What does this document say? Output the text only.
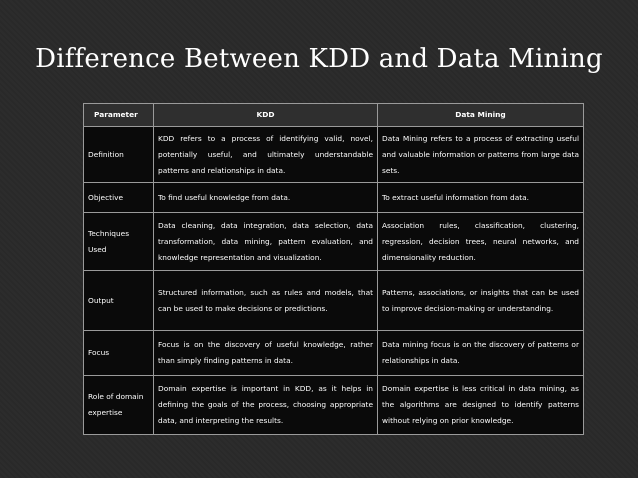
Difference Between KDD and Data Mining
Parameter	KDD	Data Mining
Definition	KDD refers to a process of identifying valid, novel, potentially useful, and ultimately understandable patterns and relationships in data.	Data Mining refers to a process of extracting useful and valuable information or patterns from large data sets.
Objective	To find useful knowledge from data.	To extract useful information from data.
Techniques Used	Data cleaning, data integration, data selection, data transformation, data mining, pattern evaluation, and knowledge representation and visualization.	Association rules, classification, clustering, regression, decision trees, neural networks, and dimensionality reduction.
Output	Structured information, such as rules and models, that can be used to make decisions or predictions.	Patterns, associations, or insights that can be used to improve decision-making or understanding.
Focus	Focus is on the discovery of useful knowledge, rather than simply finding patterns in data.	Data mining focus is on the discovery of patterns or relationships in data.
Role of domain expertise	Domain expertise is important in KDD, as it helps in defining the goals of the process, choosing appropriate data, and interpreting the results.	Domain expertise is less critical in data mining, as the algorithms are designed to identify patterns without relying on prior knowledge.
